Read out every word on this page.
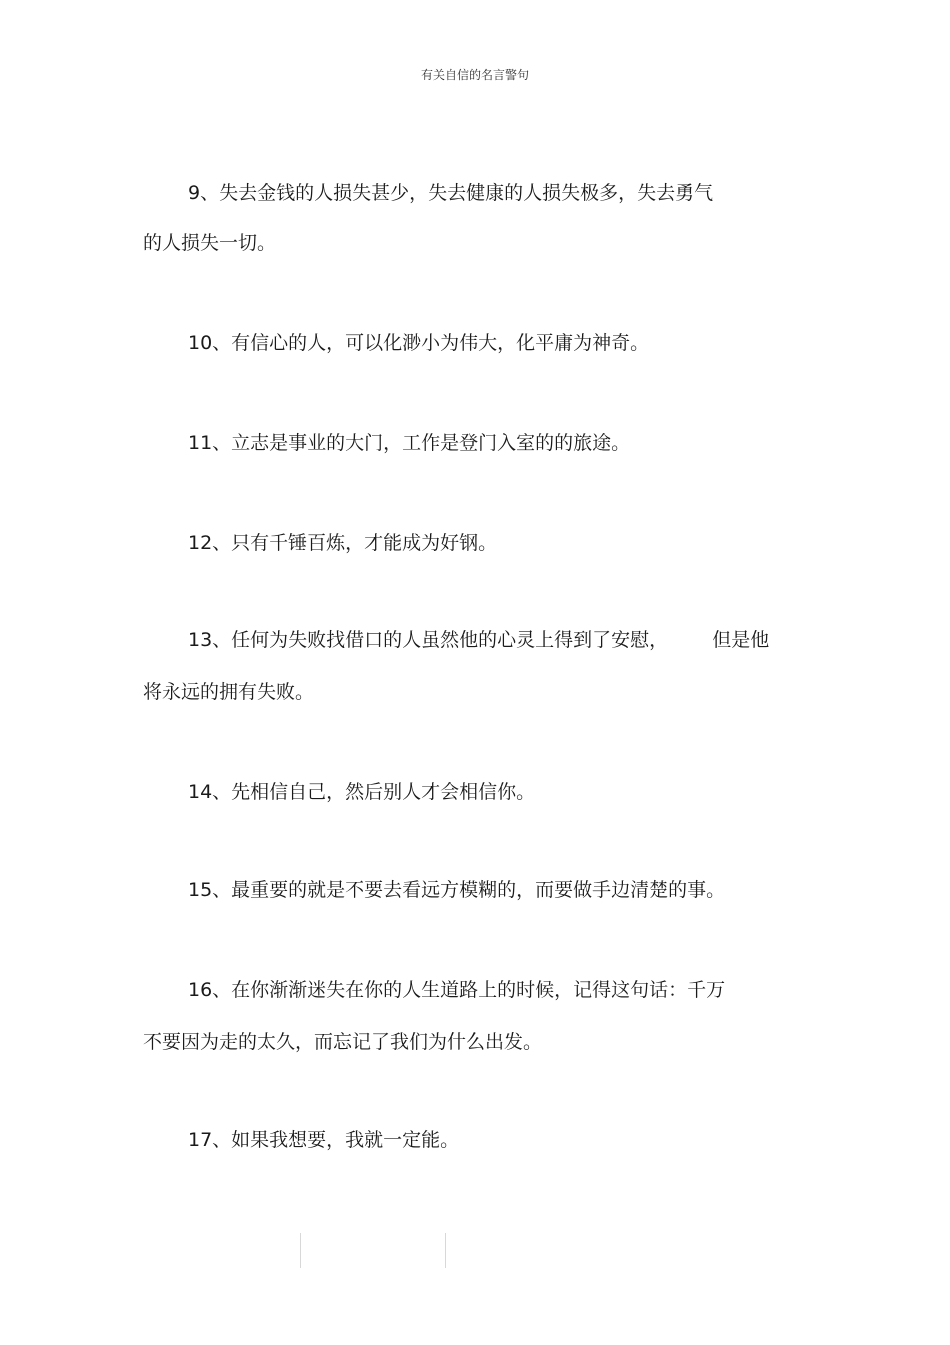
有关自信的名言警句
9、失去金钱的人损失甚少，失去健康的人损失极多，失去勇气
的人损失一切。
10、有信心的人，可以化渺小为伟大，化平庸为神奇。
11、立志是事业的大门，工作是登门入室的的旅途。
12、只有千锤百炼，才能成为好钢。
13、任何为失败找借口的人虽然他的心灵上得到了安慰， 但是他
将永远的拥有失败。
14、先相信自己，然后别人才会相信你。
15、最重要的就是不要去看远方模糊的，而要做手边清楚的事。
16、在你渐渐迷失在你的人生道路上的时候，记得这句话：千万
不要因为走的太久，而忘记了我们为什么出发。
17、如果我想要，我就一定能。
